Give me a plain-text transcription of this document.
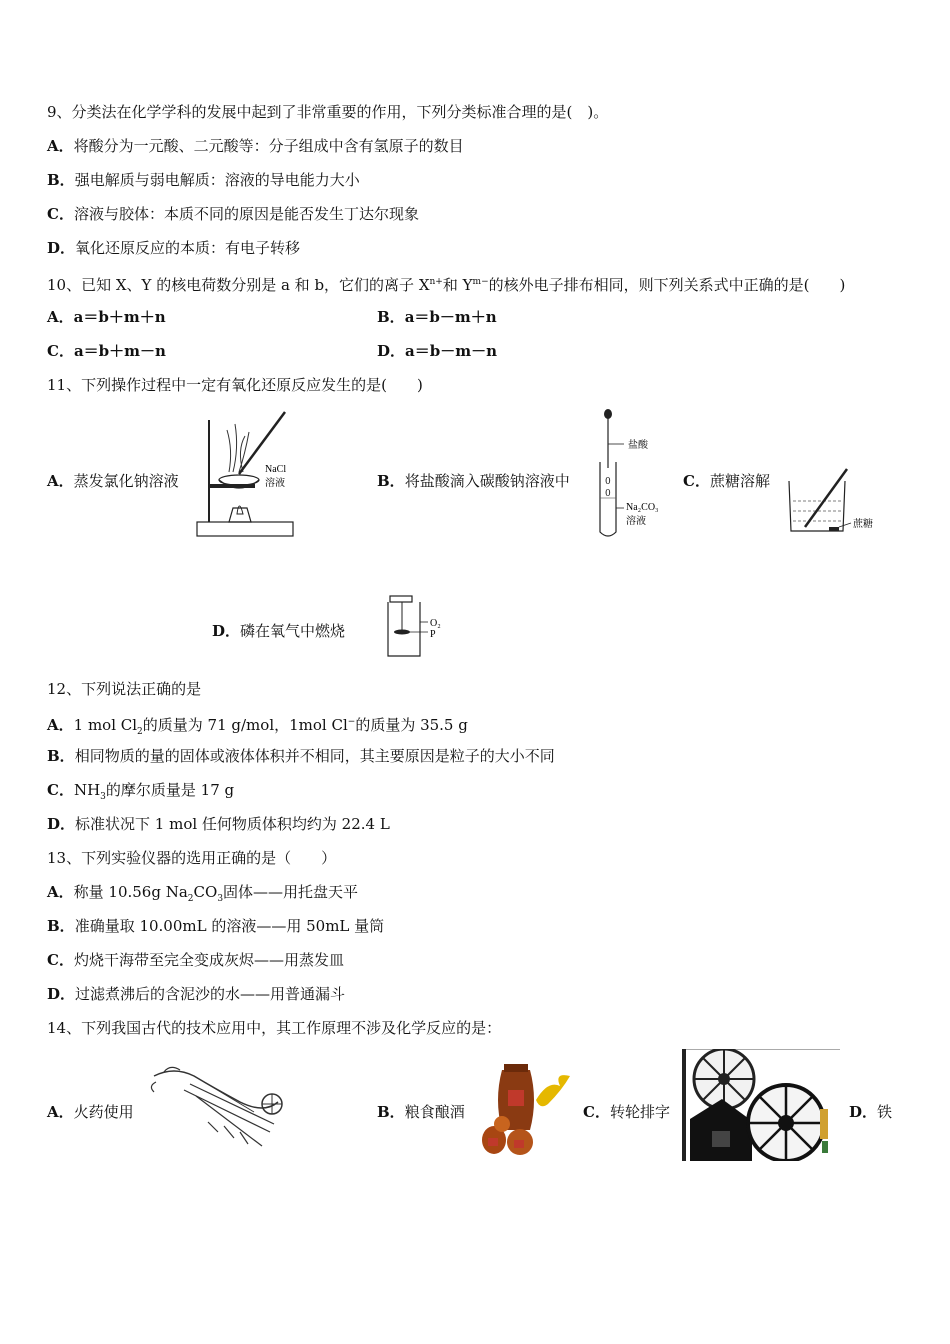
9、分类法在化学学科的发展中起到了非常重要的作用，下列分类标准合理的是(　)。
A．将酸分为一元酸、二元酸等：分子组成中含有氢原子的数目
B．强电解质与弱电解质：溶液的导电能力大小
C．溶液与胶体：本质不同的原因是能否发生丁达尔现象
D．氧化还原反应的本质：有电子转移
10、已知 X、Y 的核电荷数分别是 a 和 b，它们的离子 $X^{n+}$和 $Y^{m-}$的核外电子排布相同，则下列关系式中正确的是(　　)
A．a＝b＋m＋n	B．a＝b－m＋n
C．a＝b＋m－n	D．a＝b－m－n
11、下列操作过程中一定有氧化还原反应发生的是(　　)
A．蒸发氯化钠溶液
NaCl
溶液	B．将盐酸滴入碳酸钠溶液中
盐酸
0
0
Na₂CO₃
溶液
C．蔗糖溶解
蔗糖
D．磷在氧气中燃烧	O₂
P
12、下列说法正确的是
A．1 mol $Cl_2$的质量为 71 g/mol，1mol Cl−的质量为 35.5 g
B．相同物质的量的固体或液体体积并不相同，其主要原因是粒子的大小不同
C．$NH_3$的摩尔质量是 17 g
D．标准状况下 1 mol 任何物质体积均约为 22.4 L
13、下列实验仪器的选用正确的是（　　）
A．称量 10.56g $Na_2CO_3$固体——用托盘天平
B．准确量取 10.00mL 的溶液——用 50mL 量筒
C．灼烧干海带至完全变成灰烬——用蒸发皿
D．过滤煮沸后的含泥沙的水——用普通漏斗
14、下列我国古代的技术应用中，其工作原理不涉及化学反应的是：
A．火药使用	B．粮食酿酒	C．转轮排字	D．铁
